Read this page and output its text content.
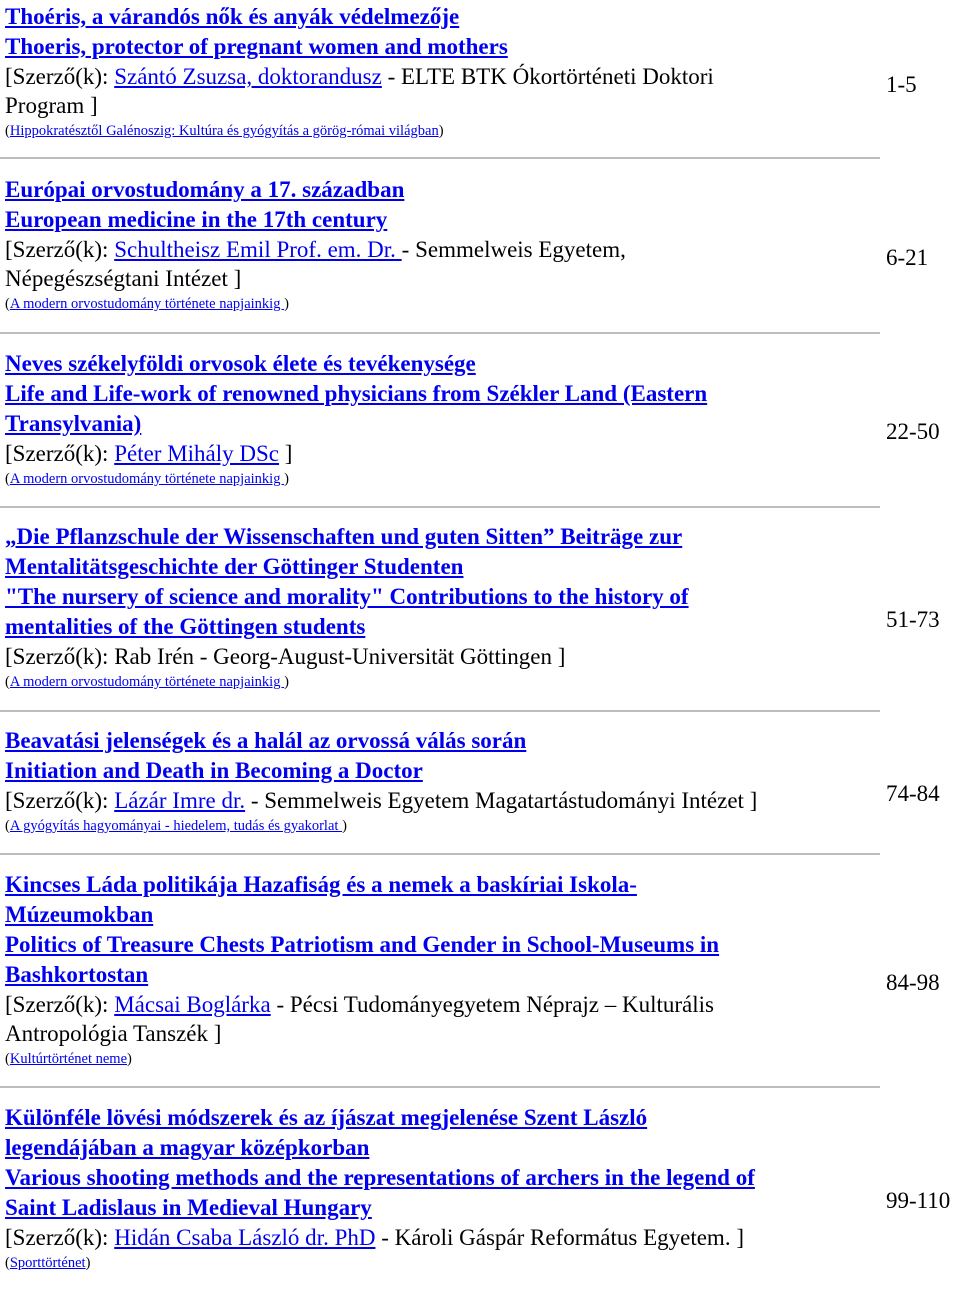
Thoéris, a várandós nők és anyák védelmezője
Thoeris, protector of pregnant women and mothers
[Szerző(k): Szántó Zsuzsa, doktorandusz - ELTE BTK Ókortörténeti Doktori
Program ]
(Hippokratésztől Galénoszig: Kultúra és gyógyítás a görög-római világban)
1-5
Európai orvostudomány a 17. században
European medicine in the 17th century
[Szerző(k): Schultheisz Emil Prof. em. Dr. - Semmelweis Egyetem,
Népegészségtani Intézet ]
(A modern orvostudomány története napjainkig )
6-21
Neves székelyföldi orvosok élete és tevékenysége
Life and Life-work of renowned physicians from Székler Land (Eastern
Transylvania)
[Szerző(k): Péter Mihály DSc ]
(A modern orvostudomány története napjainkig )
22-50
„Die Pflanzschule der Wissenschaften und guten Sitten” Beiträge zur
Mentalitätsgeschichte der Göttinger Studenten
"The nursery of science and morality" Contributions to the history of
mentalities of the Göttingen students
[Szerző(k): Rab Irén - Georg-August-Universität Göttingen ]
(A modern orvostudomány története napjainkig )
51-73
Beavatási jelenségek és a halál az orvossá válás során
Initiation and Death in Becoming a Doctor
[Szerző(k): Lázár Imre dr. - Semmelweis Egyetem Magatartástudományi Intézet ]
(A gyógyítás hagyományai - hiedelem, tudás és gyakorlat )
74-84
Kincses Láda politikája Hazafiság és a nemek a baskíriai Iskola-
Múzeumokban
Politics of Treasure Chests Patriotism and Gender in School-Museums in
Bashkortostan
[Szerző(k): Mácsai Boglárka - Pécsi Tudományegyetem Néprajz – Kulturális
Antropológia Tanszék ]
(Kultúrtörténet neme)
84-98
Különféle lövési módszerek és az íjászat megjelenése Szent László
legendájában a magyar középkorban
Various shooting methods and the representations of archers in the legend of
Saint Ladislaus in Medieval Hungary
[Szerző(k): Hidán Csaba László dr. PhD - Károli Gáspár Református Egyetem. ]
(Sporttörténet)
99-110
